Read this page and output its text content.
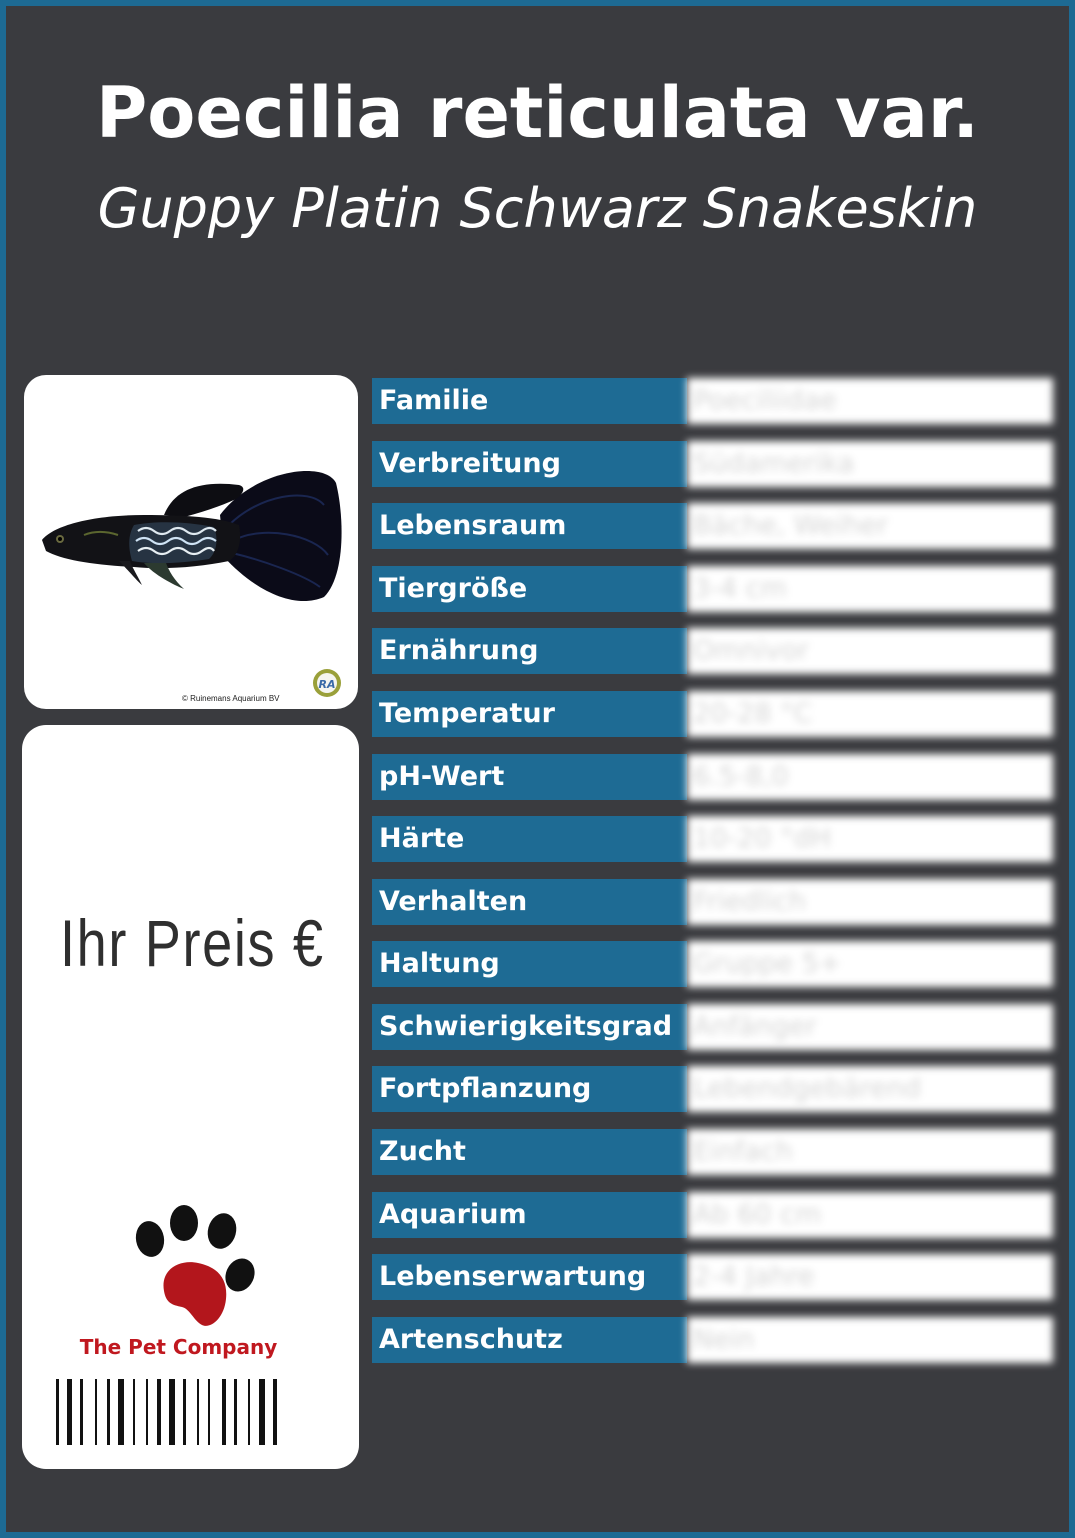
Poecilia reticulata var.
Guppy Platin Schwarz Snakeskin
RA
© Ruinemans Aquarium BV
Ihr Preis €
The Pet Company
Familie	Poeciliidae
Verbreitung	Südamerika
Lebensraum	Bäche, Weiher
Tiergröße	3-4 cm
Ernährung	Omnivor
Temperatur	20-28 °C
pH-Wert	6.5-8,0
Härte	10-20 °dH
Verhalten	Friedlich
Haltung	Gruppe 5+
Schwierigkeitsgrad Anfänger
Fortpflanzung	Lebendgebärend
Zucht	Einfach
Aquarium	Ab 60 cm
Lebenserwartung	2-4 Jahre
Artenschutz	Nein
